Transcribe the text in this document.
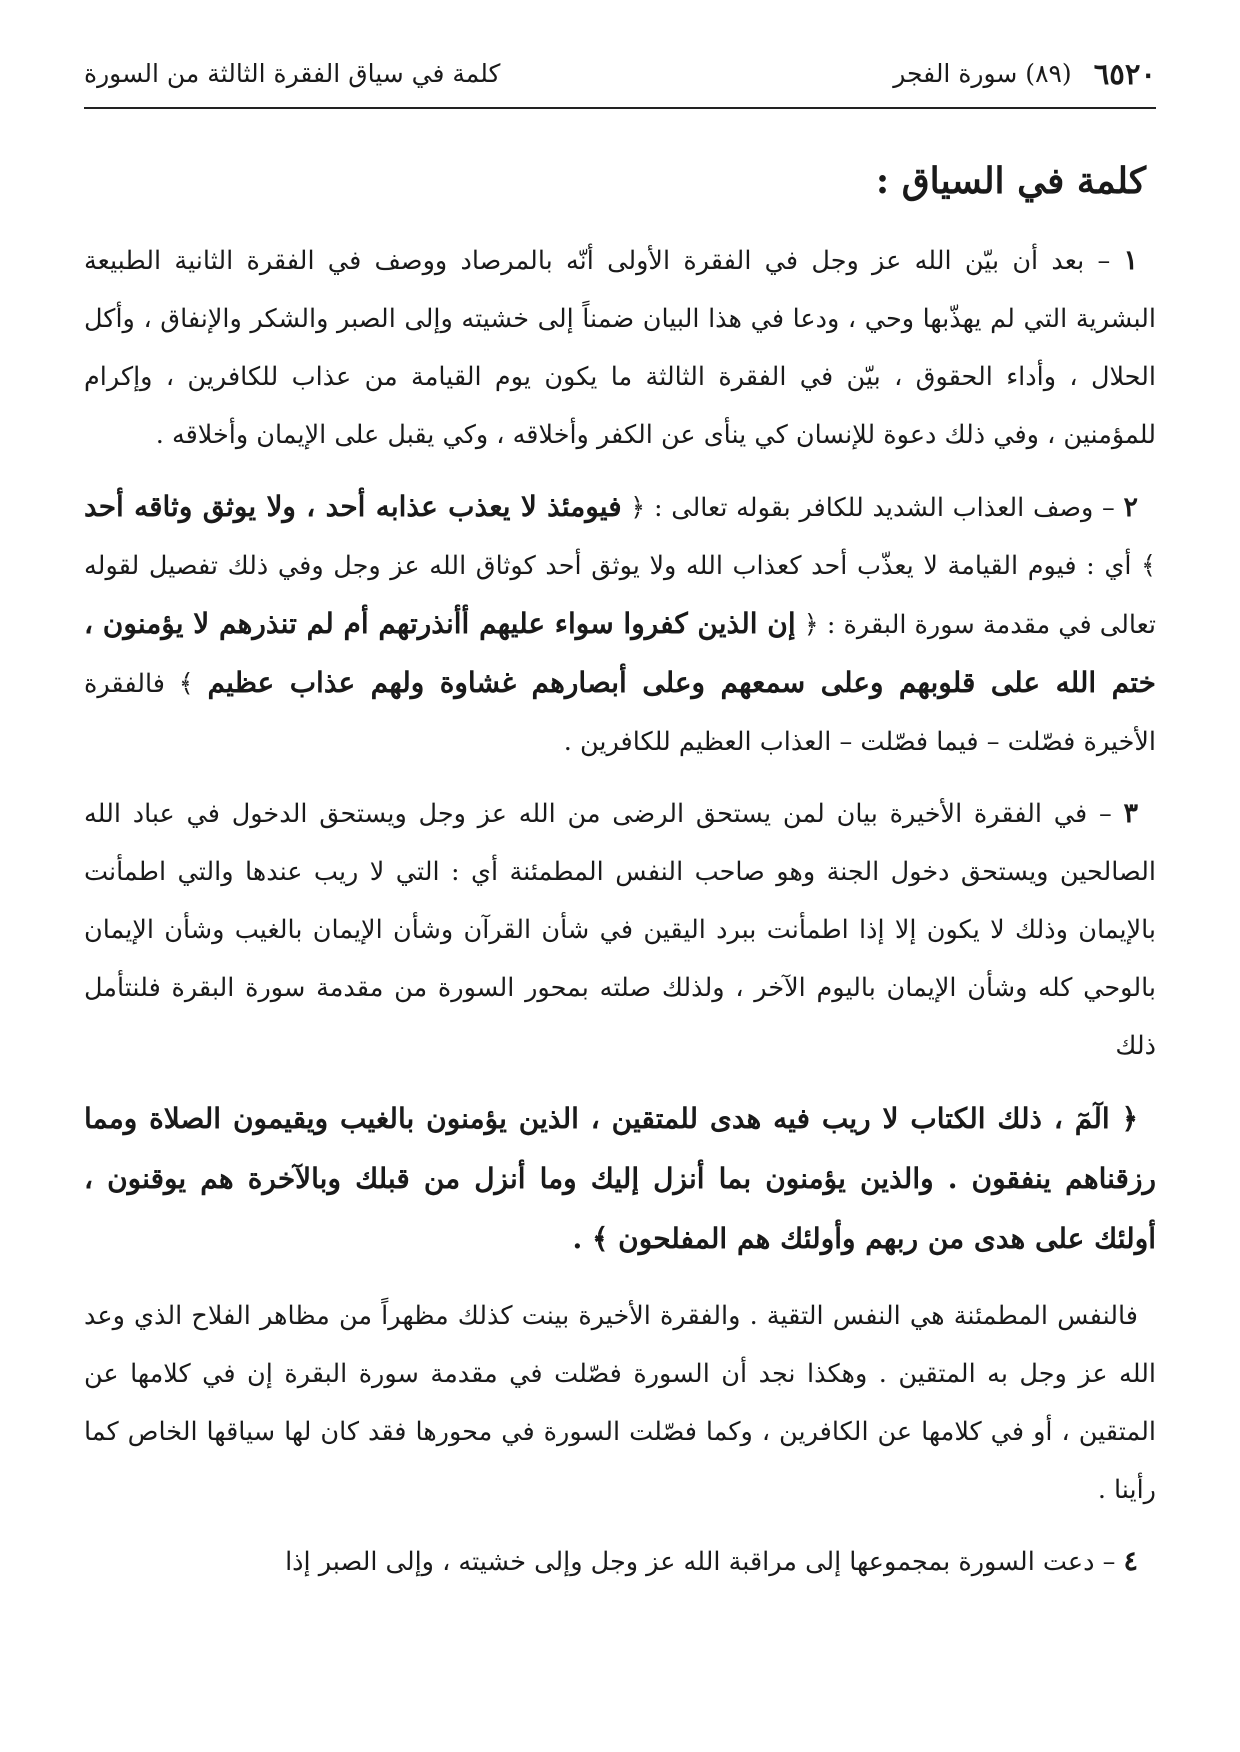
٦٥٢٠
(٨٩) سورة الفجر
كلمة في سياق الفقرة الثالثة من السورة
كلمة في السياق :

١ – بعد أن بيّن الله عز وجل في الفقرة الأولى أنّه بالمرصاد ووصف في الفقرة الثانية الطبيعة البشرية التي لم يهذّبها وحي ، ودعا في هذا البيان ضمناً إلى خشيته وإلى الصبر والشكر والإنفاق ، وأكل الحلال ، وأداء الحقوق ، بيّن في الفقرة الثالثة ما يكون يوم القيامة من عذاب للكافرين ، وإكرام للمؤمنين ، وفي ذلك دعوة للإنسان كي ينأى عن الكفر وأخلاقه ، وكي يقبل على الإيمان وأخلاقه .

٢ – وصف العذاب الشديد للكافر بقوله تعالى : ﴿ فيومئذ لا يعذب عذابه أحد ، ولا يوثق وثاقه أحد ﴾ أي : فيوم القيامة لا يعذّب أحد كعذاب الله ولا يوثق أحد كوثاق الله عز وجل وفي ذلك تفصيل لقوله تعالى في مقدمة سورة البقرة : ﴿ إن الذين كفروا سواء عليهم أأنذرتهم أم لم تنذرهم لا يؤمنون ، ختم الله على قلوبهم وعلى سمعهم وعلى أبصارهم غشاوة ولهم عذاب عظيم ﴾ فالفقرة الأخيرة فصّلت – فيما فصّلت – العذاب العظيم للكافرين .

٣ – في الفقرة الأخيرة بيان لمن يستحق الرضى من الله عز وجل ويستحق الدخول في عباد الله الصالحين ويستحق دخول الجنة وهو صاحب النفس المطمئنة أي : التي لا ريب عندها والتي اطمأنت بالإيمان وذلك لا يكون إلا إذا اطمأنت ببرد اليقين في شأن القرآن وشأن الإيمان بالغيب وشأن الإيمان بالوحي كله وشأن الإيمان باليوم الآخر ، ولذلك صلته بمحور السورة من مقدمة سورة البقرة فلنتأمل ذلك

﴿ الٓمٓ ، ذلك الكتاب لا ريب فيه هدى للمتقين ، الذين يؤمنون بالغيب ويقيمون الصلاة ومما رزقناهم ينفقون . والذين يؤمنون بما أنزل إليك وما أنزل من قبلك وبالآخرة هم يوقنون ، أولئك على هدى من ربهم وأولئك هم المفلحون ﴾ .

فالنفس المطمئنة هي النفس التقية . والفقرة الأخيرة بينت كذلك مظهراً من مظاهر الفلاح الذي وعد الله عز وجل به المتقين . وهكذا نجد أن السورة فصّلت في مقدمة سورة البقرة إن في كلامها عن المتقين ، أو في كلامها عن الكافرين ، وكما فصّلت السورة في محورها فقد كان لها سياقها الخاص كما رأينا .

٤ – دعت السورة بمجموعها إلى مراقبة الله عز وجل وإلى خشيته ، وإلى الصبر إذا
